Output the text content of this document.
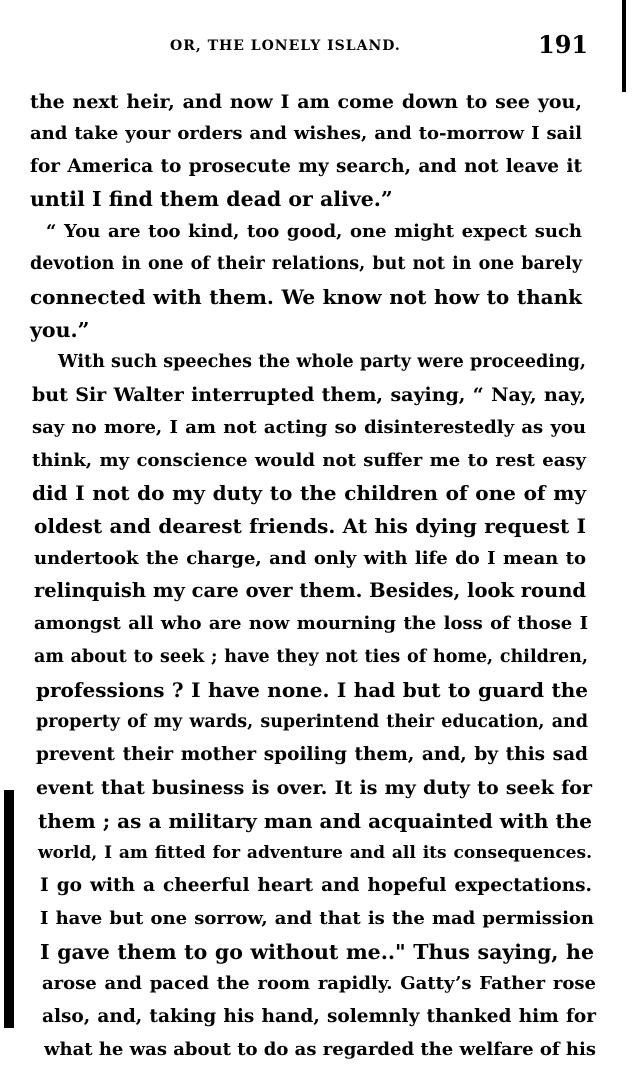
OR, THE LONELY ISLAND.	191
the next heir, and now I am come down to see you,
and take your orders and wishes, and to-morrow I sail
for America to prosecute my search, and not leave it
until I find them dead or alive.”
“ You are too kind, too good, one might expect such
devotion in one of their relations, but not in one barely
connected with them. We know not how to thank
you.”
With such speeches the whole party were proceeding,
but Sir Walter interrupted them, saying, “ Nay, nay,
say no more, I am not acting so disinterestedly as you
think, my conscience would not suffer me to rest easy
did I not do my duty to the children of one of my
oldest and dearest friends. At his dying request I
undertook the charge, and only with life do I mean to
relinquish my care over them. Besides, look round
amongst all who are now mourning the loss of those I
am about to seek ; have they not ties of home, children,
professions ? I have none. I had but to guard the
property of my wards, superintend their education, and
prevent their mother spoiling them, and, by this sad
event that business is over. It is my duty to seek for
them ; as a military man and acquainted with the
world, I am fitted for adventure and all its consequences.
I go with a cheerful heart and hopeful expectations.
I have but one sorrow, and that is the mad permission
I gave them to go without me.." Thus saying, he
arose and paced the room rapidly. Gatty’s Father rose
also, and, taking his hand, solemnly thanked him for
what he was about to do as regarded the welfare of his
